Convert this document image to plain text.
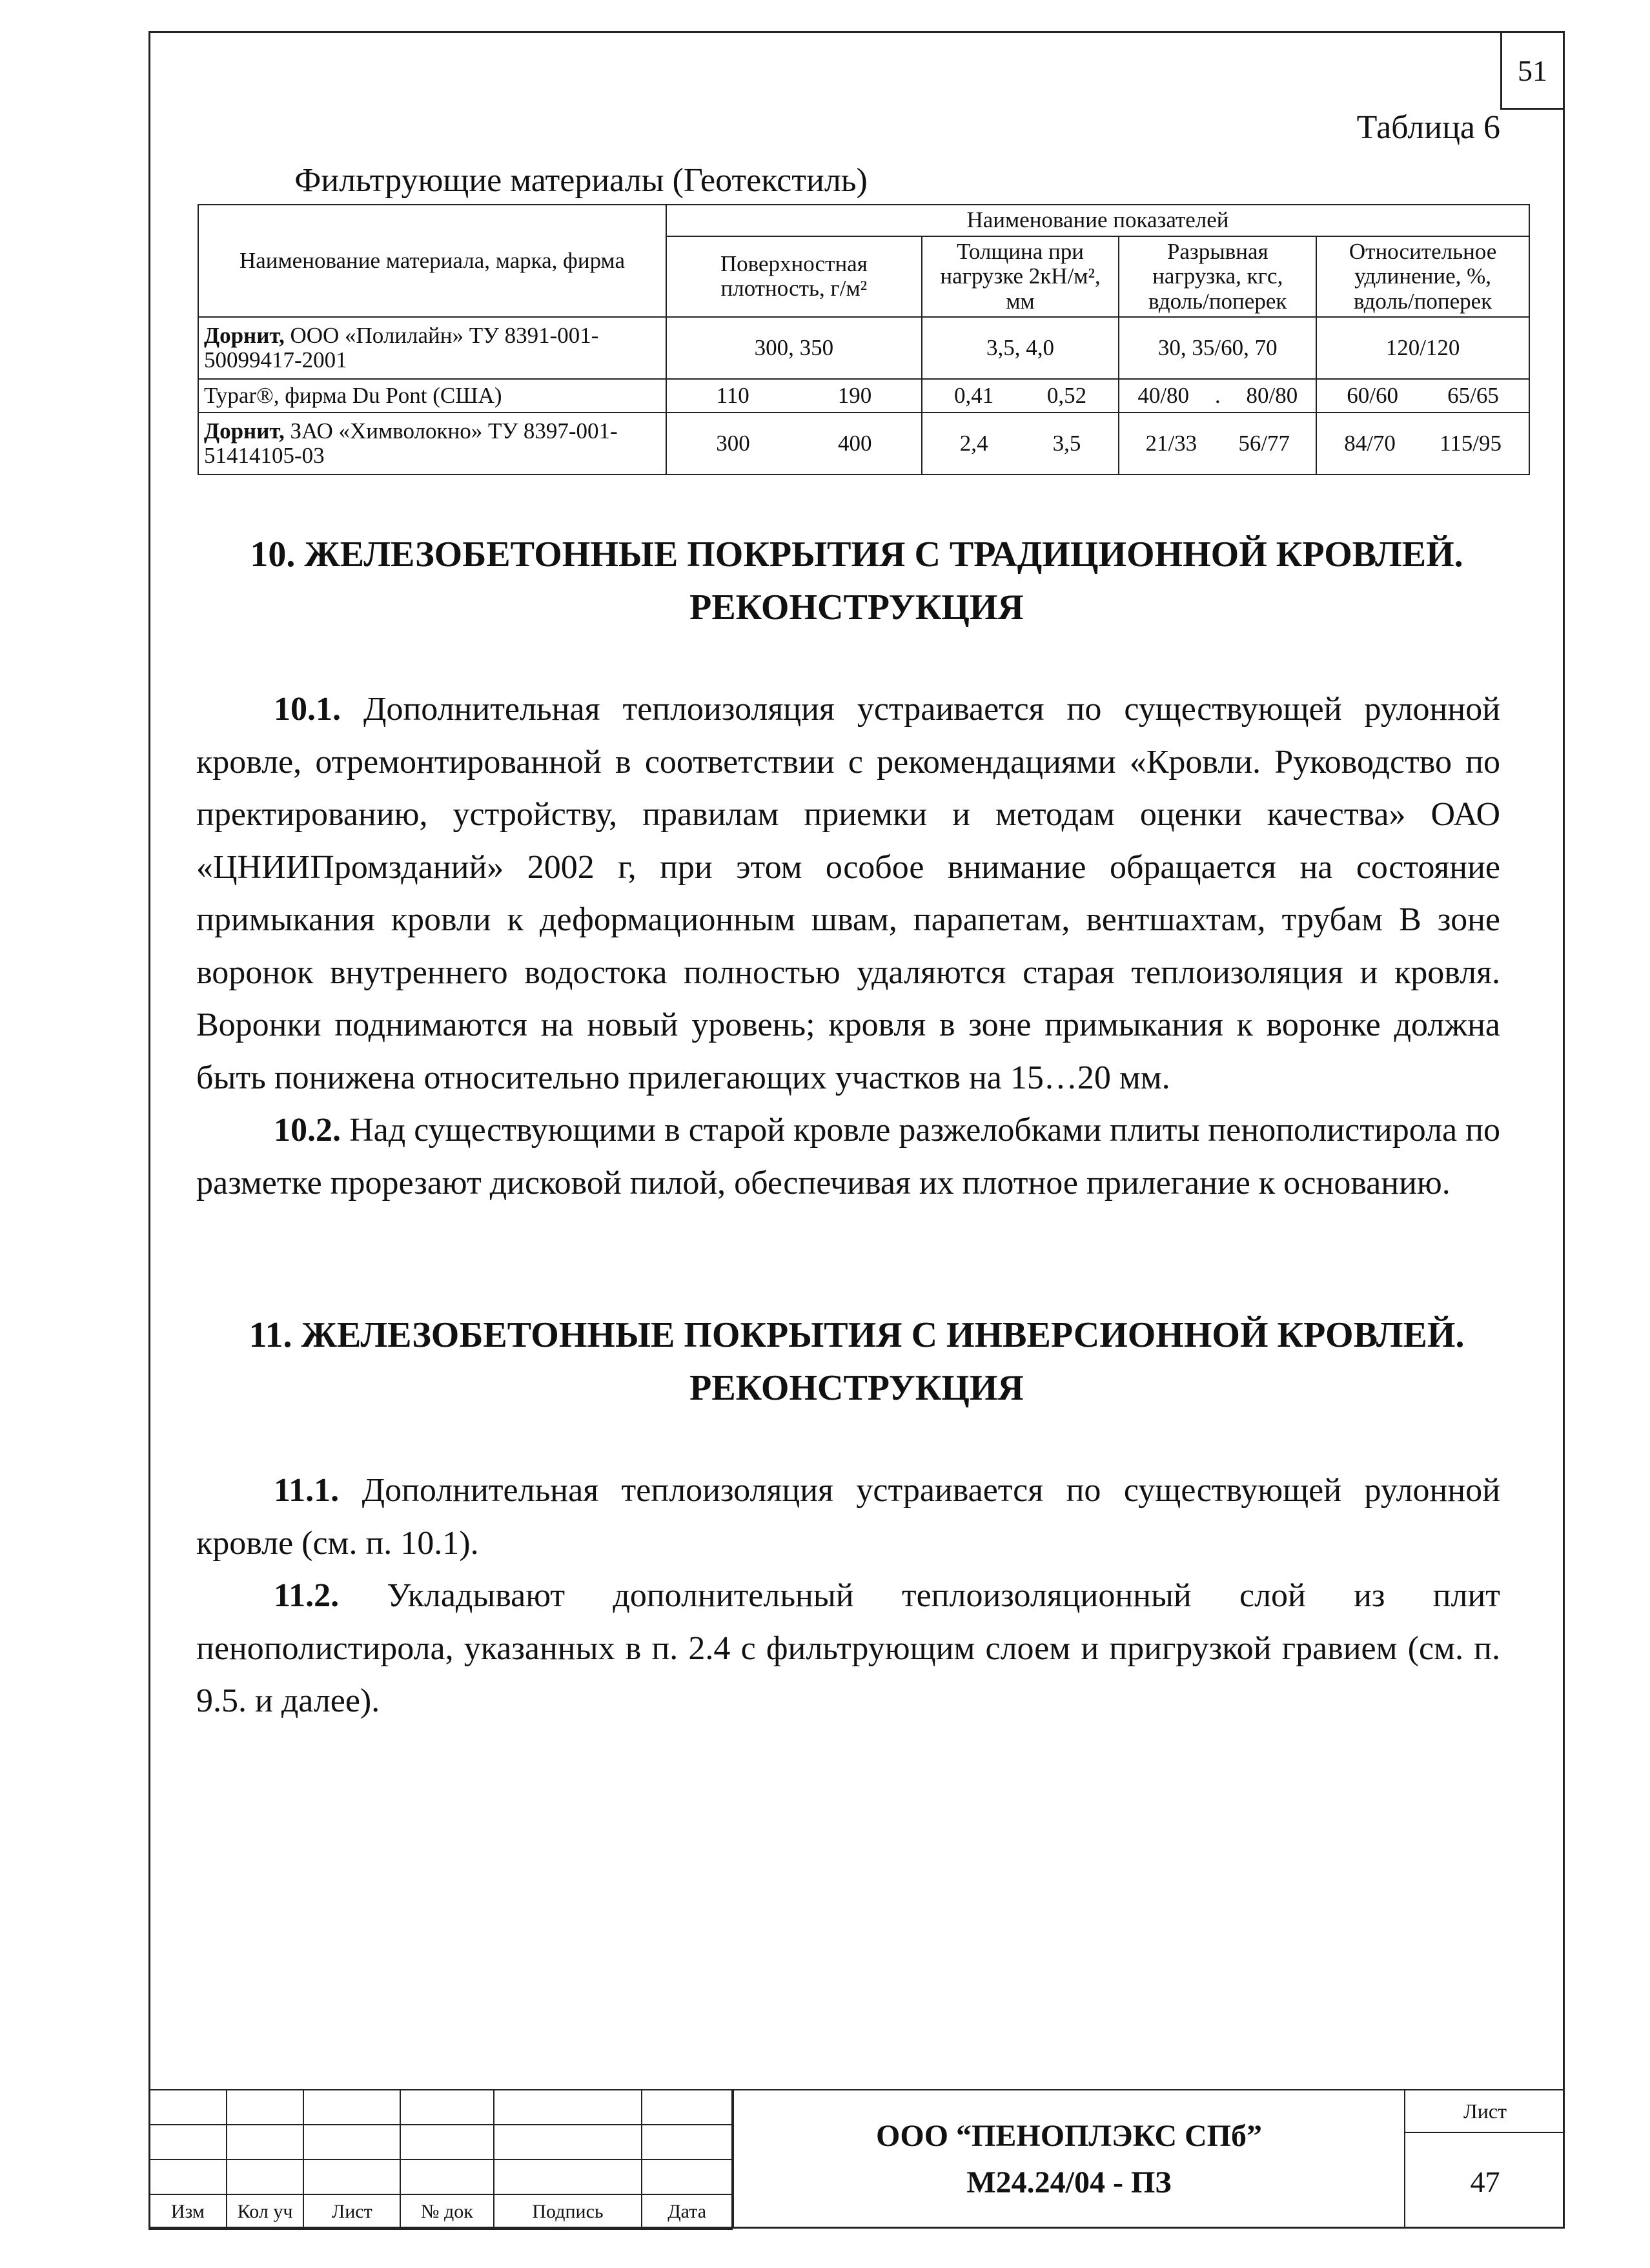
51
Таблица 6
Фильтрующие материалы (Геотекстиль)
Наименование материала, марка, фирма	Наименование показателей			
	Поверхностная плотность, г/м²	Толщина при нагрузке 2кН/м², мм	Разрывная нагрузка, кгс, вдоль/поперек	Относительное удлинение, %, вдоль/поперек
Дорнит, ООО «Полилайн» ТУ 8391-001-50099417-2001	300, 350	3,5, 4,0	30, 35/60, 70	120/120
Typar®, фирма Du Pont (США)	110 190	0,41 0,52	40/80 . 80/80	60/60 65/65

Дорнит, ЗАО «Химволокно» ТУ 8397-001-51414105-03	300 400	2,4 3,5	21/33 56/77	84/70 115/95
10. ЖЕЛЕЗОБЕТОННЫЕ ПОКРЫТИЯ С ТРАДИЦИОННОЙ КРОВЛЕЙ.
РЕКОНСТРУКЦИЯ

10.1. Дополнительная теплоизоляция устраивается по существующей рулонной кровле, отремонтированной в соответствии с рекомендациями «Кровли. Руководство по пректированию, устройству, правилам приемки и методам оценки качества» ОАО «ЦНИИПромзданий» 2002 г, при этом особое внимание обращается на состояние примыкания кровли к деформационным швам, парапетам, вентшахтам, трубам В зоне воронок внутреннего водостока полностью удаляются старая теплоизоляция и кровля. Воронки поднимаются на новый уровень; кровля в зоне примыкания к воронке должна быть понижена относительно прилегающих участков на 15…20 мм.

10.2. Над существующими в старой кровле разжелобками плиты пенополистирола по разметке прорезают дисковой пилой, обеспечивая их плотное прилегание к основанию.

11. ЖЕЛЕЗОБЕТОННЫЕ ПОКРЫТИЯ С ИНВЕРСИОННОЙ КРОВЛЕЙ.
РЕКОНСТРУКЦИЯ

11.1. Дополнительная теплоизоляция устраивается по существующей рулонной кровле (см. п. 10.1).

11.2. Укладывают дополнительный теплоизоляционный слой из плит пенополистирола, указанных в п. 2.4 с фильтрующим слоем и пригрузкой гравием (см. п. 9.5. и далее).

Изм	Кол уч	Лист	№ док	Подпись	Дата
ООО “ПЕНОПЛЭКС СПб”
М24.24/04 - ПЗ
Лист
47
